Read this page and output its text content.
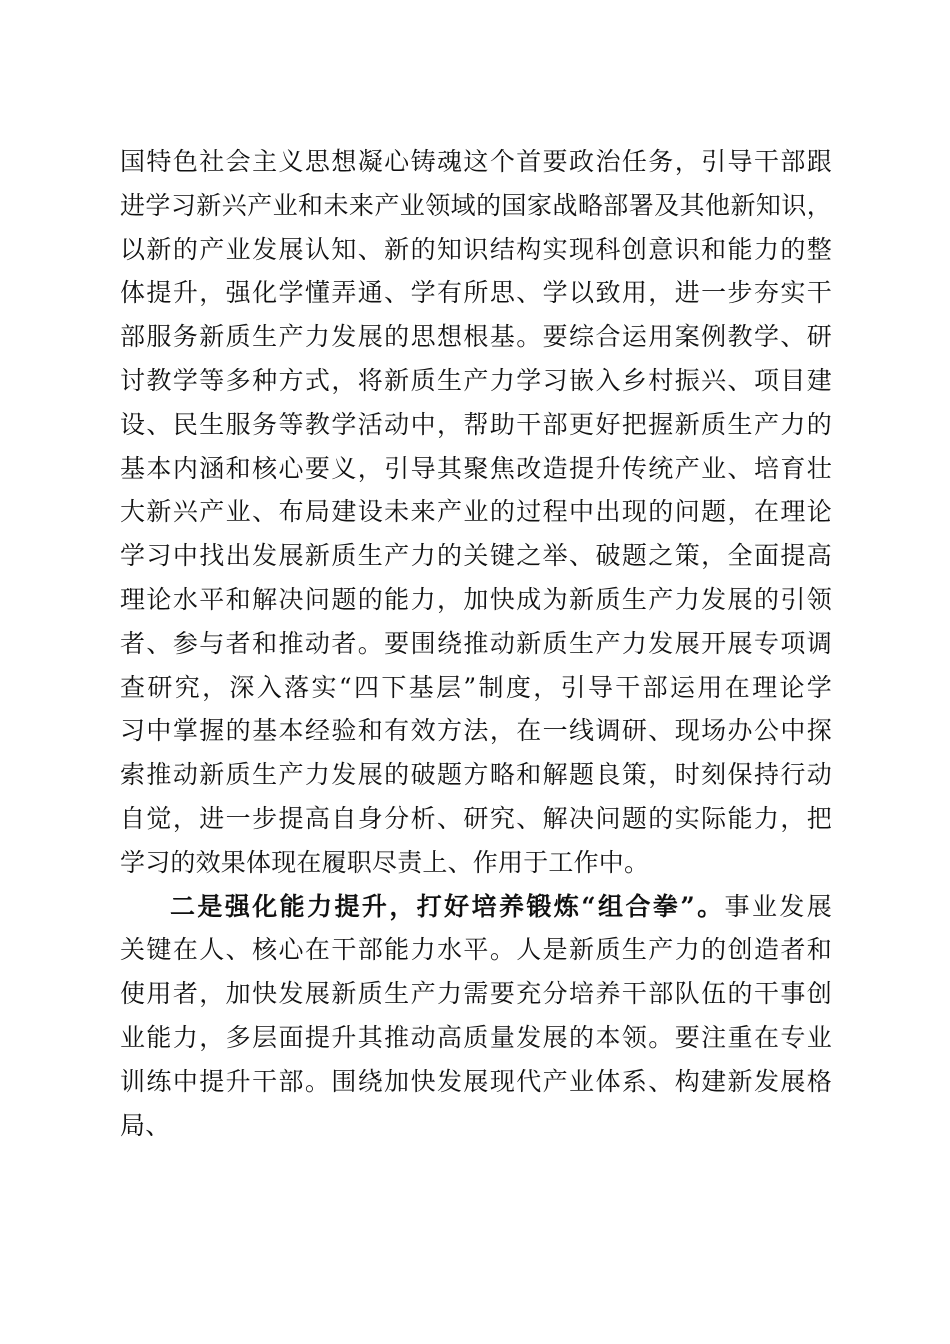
国特色社会主义思想凝心铸魂这个首要政治任务，引导干部跟
进学习新兴产业和未来产业领域的国家战略部署及其他新知识，
以新的产业发展认知、新的知识结构实现科创意识和能力的整
体提升，强化学懂弄通、学有所思、学以致用，进一步夯实干
部服务新质生产力发展的思想根基。要综合运用案例教学、研
讨教学等多种方式，将新质生产力学习嵌入乡村振兴、项目建
设、民生服务等教学活动中，帮助干部更好把握新质生产力的
基本内涵和核心要义，引导其聚焦改造提升传统产业、培育壮
大新兴产业、布局建设未来产业的过程中出现的问题，在理论
学习中找出发展新质生产力的关键之举、破题之策，全面提高
理论水平和解决问题的能力，加快成为新质生产力发展的引领
者、参与者和推动者。要围绕推动新质生产力发展开展专项调
查研究，深入落实“四下基层”制度，引导干部运用在理论学
习中掌握的基本经验和有效方法，在一线调研、现场办公中探
索推动新质生产力发展的破题方略和解题良策，时刻保持行动
自觉，进一步提高自身分析、研究、解决问题的实际能力，把
学习的效果体现在履职尽责上、作用于工作中。
二是强化能力提升，打好培养锻炼“组合拳”。事业发展
关键在人、核心在干部能力水平。人是新质生产力的创造者和
使用者，加快发展新质生产力需要充分培养干部队伍的干事创
业能力，多层面提升其推动高质量发展的本领。要注重在专业
训练中提升干部。围绕加快发展现代产业体系、构建新发展格
局、
